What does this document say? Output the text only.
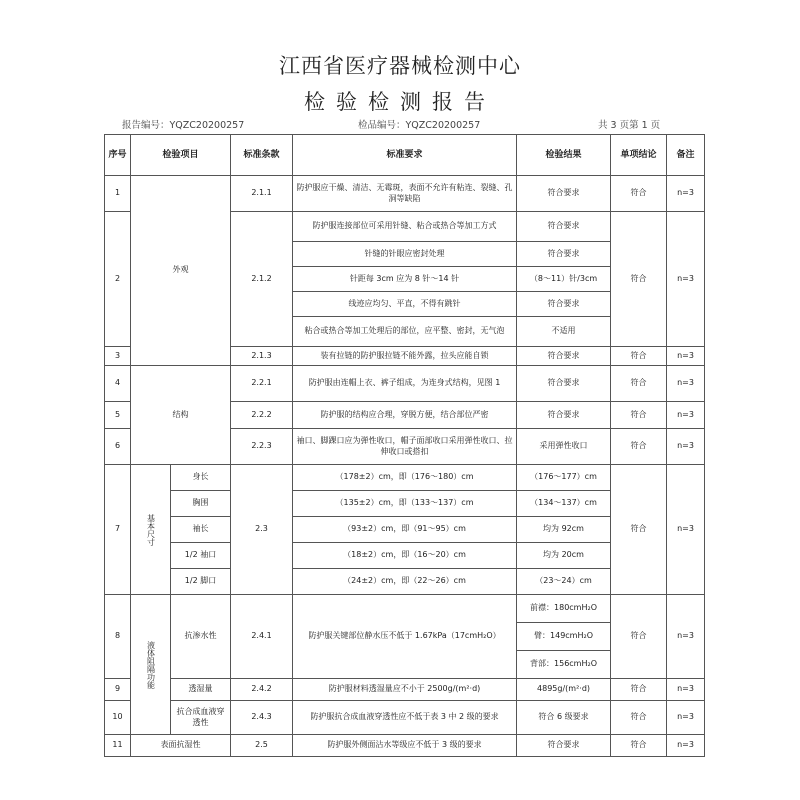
江西省医疗器械检测中心
检验检测报告
报告编号：YQZC20200257	检品编号：YQZC20200257	共 3 页第 1 页
序号	检验项目		标准条款	标准要求	检验结果	单项结论	备注
1	外观		2.1.1	防护服应干燥、清洁、无霉斑，表面不允许有粘连、裂缝、孔洞等缺陷	符合要求	符合	n=3
2			2.1.2	防护服连接部位可采用针缝、粘合或热合等加工方式	符合要求	符合	n=3
				针缝的针眼应密封处理	符合要求		
				针距每 3cm 应为 8 针～14 针	（8～11）针/3cm		
				线迹应均匀、平直，不得有跳针	符合要求		
				粘合或热合等加工处理后的部位，应平整、密封，无气泡	不适用		
3			2.1.3	装有拉链的防护服拉链不能外露，拉头应能自锁	符合要求	符合	n=3
4	结构		2.2.1	防护服由连帽上衣、裤子组成，为连身式结构，见图 1	符合要求	符合	n=3
5			2.2.2	防护服的结构应合理，穿脱方便，结合部位严密	符合要求	符合	n=3
6			2.2.3	袖口、脚踝口应为弹性收口，帽子面部收口采用弹性收口、拉伸收口或搭扣	采用弹性收口	符合	n=3
7	基本尺寸	身长	2.3	（178±2）cm，即（176～180）cm	（176～177）cm	符合	n=3
		胸围		（135±2）cm，即（133～137）cm	（134～137）cm		
		袖长		（93±2）cm，即（91～95）cm	均为 92cm		
		1/2 袖口		（18±2）cm，即（16～20）cm	均为 20cm		
		1/2 脚口		（24±2）cm，即（22～26）cm	（23～24）cm		
8	液体阻隔功能	抗渗水性	2.4.1	防护服关键部位静水压不低于 1.67kPa（17cmH₂O）	前襟：180cmH₂O	符合	n=3
					臂：149cmH₂O		
					背部：156cmH₂O		
9		透湿量	2.4.2	防护服材料透湿量应不小于 2500g/(m²·d)	4895g/(m²·d)	符合	n=3
10		抗合成血液穿透性	2.4.3	防护服抗合成血液穿透性应不低于表 3 中 2 级的要求	符合 6 级要求	符合	n=3
11	表面抗湿性		2.5	防护服外侧面沾水等级应不低于 3 级的要求	符合要求	符合	n=3
